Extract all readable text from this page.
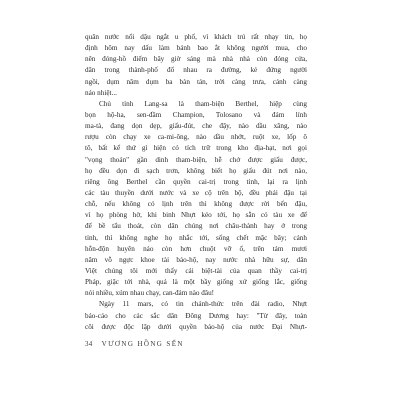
quân nước nổi dậu ngắt u phố, vì khách trú rất nhạy tin, họ
định hôm nay dấu làm bánh bao ắt không người mua, cho
nên đóng-hồ điểm bây giờ sáng mà nhà nhà còn đóng cửa,
dân trong thành-phố đổ nhau ra đường, kẻ đứng người
ngồi, dụm năm dụm ba bàn tán, trời càng trưa, cảnh càng
náo nhiệt...
Chủ tỉnh Lang-sa là tham-biện Berthel, hiệp cùng
bọn hộ-ha, sen-đầm Champion, Tolosano và đám lính
ma-tà, đang dọn dẹp, giấu-đút, che đậy, nào dầu xăng, nào
rượu còn chạy xe ca-mi-ông, nào dầu nhớt, ruột xe, lốp ô
tô, bất kể thứ gì hiện có tích trữ trong kho địa-hạt, nơi gọi
"vọng thoán" gần dinh tham-biện, hễ chở được giấu được,
họ đều dọn đi sạch trơn, không biết họ giấu đút nơi nào,
riêng ông Berthel cần quyền cai-trị trong tỉnh, lại ra lịnh
các tàu thuyền dưới nước và xe cộ trên bộ, đều phải đậu tại
chỗ, nếu không có lịnh trên thì không được rời bến đậu,
vì họ phòng hờ, khi binh Nhựt kéo tới, họ sẵn có tàu xe để
để bề tẩu thoát, còn dân chúng nơi châu-thành hay ở trong
tỉnh, thì không nghe họ nhắc tới, sống chết mặc bây; cảnh
hỗn-độn huyên náo còn hơn chuột vỡ ổ, trên tám mươi
năm vỗ ngực khoe tài bảo-hộ, nay nước nhà hữu sự, dân
Việt chúng tôi mới thấy cái biệt-tài của quan thầy cai-trị
Pháp, giặc tới nhà, quả là một bầy giống xứ giống lắc, giống
nói nhiều, xúm nhau chạy, can-đảm nào đâu!
Ngày 11 mars, có tin chánh-thức trên đài radio, Nhựt
báo-cáo cho các sắc dân Đông Dương hay: "Từ đây, toàn
cõi được độc lập dưới quyền bảo-hộ của nước Đại Nhựt-
34 VƯƠNG HỒNG SỂN
